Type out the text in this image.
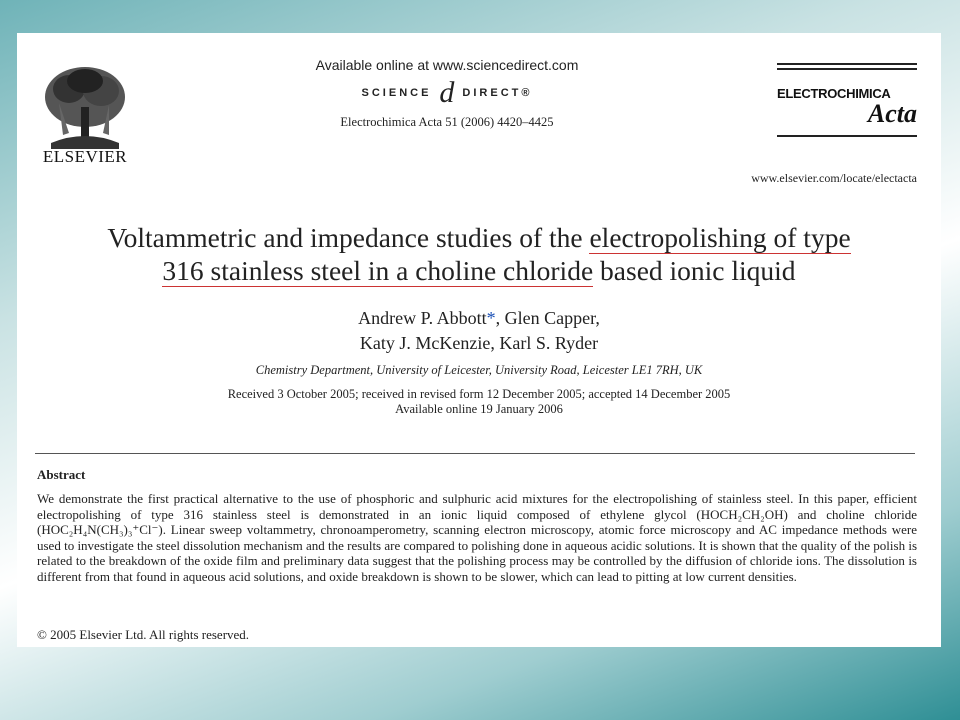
ELSEVIER
Available online at www.sciencedirect.com
SCIENCE d DIRECT®
Electrochimica Acta 51 (2006) 4420–4425
ELECTROCHIMICA
Acta
www.elsevier.com/locate/electacta
Voltammetric and impedance studies of the electropolishing of type
316 stainless steel in a choline chloride based ionic liquid
Andrew P. Abbott*, Glen Capper,
Katy J. McKenzie, Karl S. Ryder
Chemistry Department, University of Leicester, University Road, Leicester LE1 7RH, UK
Received 3 October 2005; received in revised form 12 December 2005; accepted 14 December 2005
Available online 19 January 2006
Abstract
We demonstrate the first practical alternative to the use of phosphoric and sulphuric acid mixtures for the electropolishing of stainless steel. In this paper, efficient electropolishing of type 316 stainless steel is demonstrated in an ionic liquid composed of ethylene glycol (HOCH₂CH₂OH) and choline chloride (HOC₂H₄N(CH₃)₃⁺Cl⁻). Linear sweep voltammetry, chronoamperometry, scanning electron microscopy, atomic force microscopy and AC impedance methods were used to investigate the steel dissolution mechanism and the results are compared to polishing done in aqueous acidic solutions. It is shown that the quality of the polish is related to the breakdown of the oxide film and preliminary data suggest that the polishing process may be controlled by the diffusion of chloride ions. The dissolution is different from that found in aqueous acid solutions, and oxide breakdown is shown to be slower, which can lead to pitting at low current densities.
© 2005 Elsevier Ltd. All rights reserved.
